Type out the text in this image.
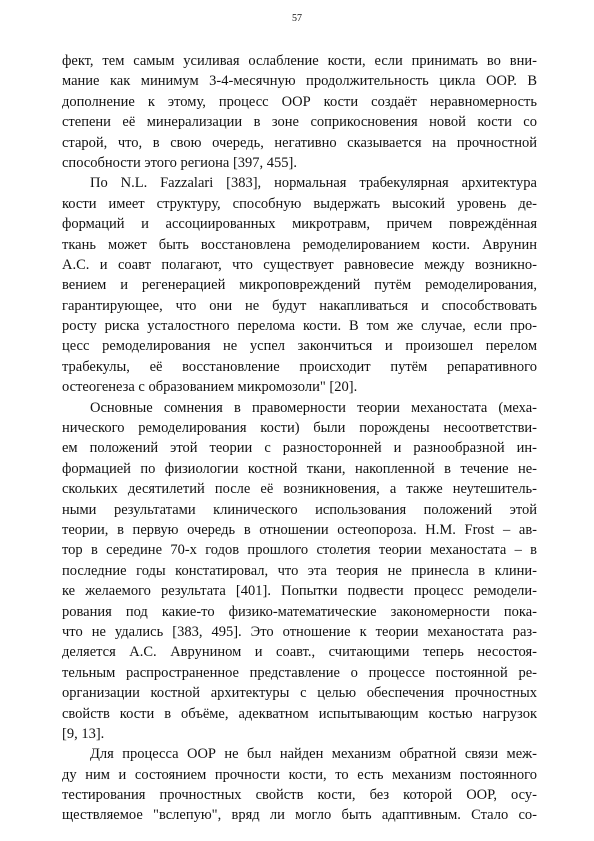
57
фект, тем самым усиливая ослабление кости, если принимать во вни-
мание как минимум 3-4-месячную продолжительность цикла ООР. В
дополнение к этому, процесс ООР кости создаёт неравномерность
степени её минерализации в зоне соприкосновения новой кости со
старой, что, в свою очередь, негативно сказывается на прочностной
способности этого региона [397, 455].
По N.L. Fazzalari [383], нормальная трабекулярная архитектура
кости имеет структуру, способную выдержать высокий уровень де-
формаций и ассоциированных микротравм, причем повреждённая
ткань может быть восстановлена ремоделированием кости. Аврунин
А.С. и соавт полагают, что существует равновесие между возникно-
вением и регенерацией микроповреждений путём ремоделирования,
гарантирующее, что они не будут накапливаться и способствовать
росту риска усталостного перелома кости. В том же случае, если про-
цесс ремоделирования не успел закончиться и произошел перелом
трабекулы, её восстановление происходит путём репаративного
остеогенеза с образованием микромозоли" [20].
Основные сомнения в правомерности теории механостата (меха-
нического ремоделирования кости) были порождены несоответстви-
ем положений этой теории с разносторонней и разнообразной ин-
формацией по физиологии костной ткани, накопленной в течение не-
скольких десятилетий после её возникновения, а также неутешитель-
ными результатами клинического использования положений этой
теории, в первую очередь в отношении остеопороза. H.M. Frost – ав-
тор в середине 70-х годов прошлого столетия теории механостата – в
последние годы констатировал, что эта теория не принесла в клини-
ке желаемого результата [401]. Попытки подвести процесс ремодели-
рования под какие-то физико-математические закономерности пока-
что не удались [383, 495]. Это отношение к теории механостата раз-
деляется А.С. Аврунином и соавт., считающими теперь несостоя-
тельным распространенное представление о процессе постоянной ре-
организации костной архитектуры с целью обеспечения прочностных
свойств кости в объёме, адекватном испытывающим костью нагрузок
[9, 13].
Для процесса ООР не был найден механизм обратной связи меж-
ду ним и состоянием прочности кости, то есть механизм постоянного
тестирования прочностных свойств кости, без которой ООР, осу-
ществляемое "вслепую", вряд ли могло быть адаптивным. Стало со-
